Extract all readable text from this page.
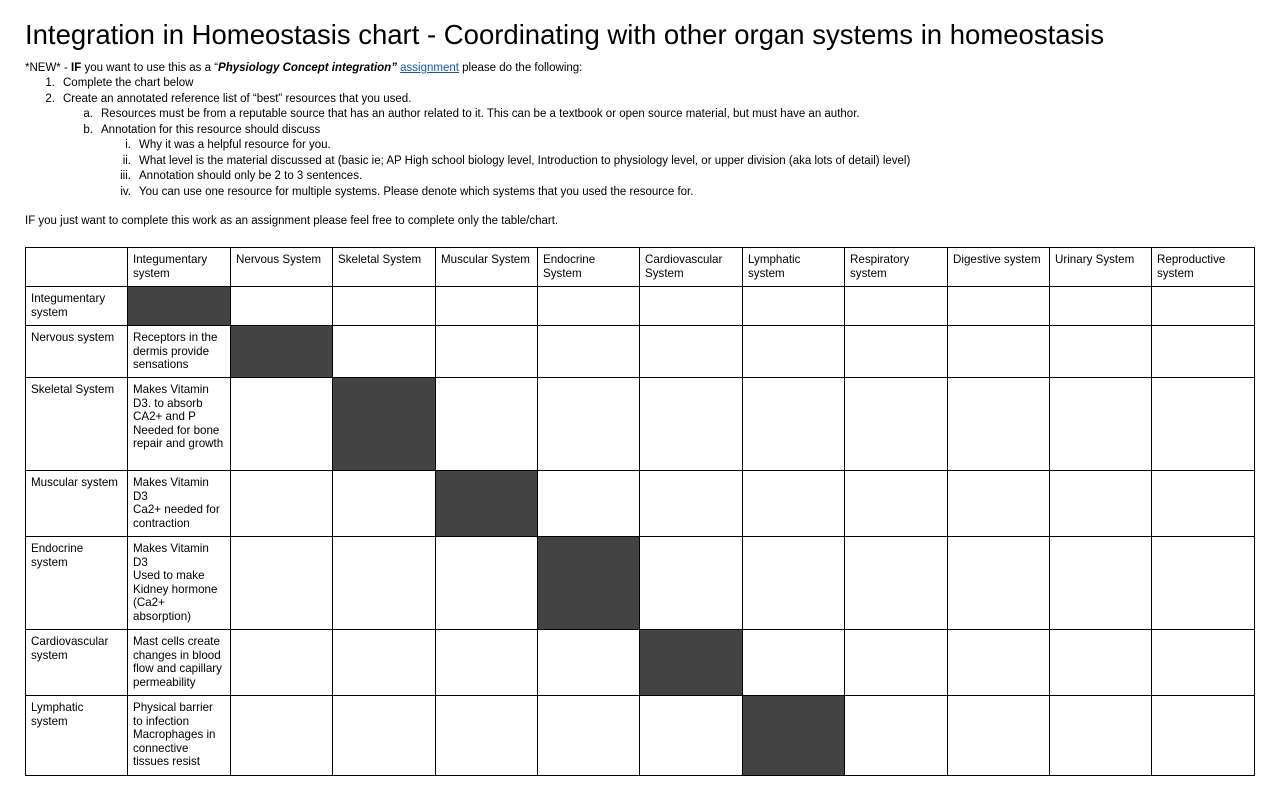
Integration in Homeostasis chart - Coordinating with other organ systems in homeostasis
*NEW* - IF you want to use this as a “Physiology Concept integration” assignment please do the following:
1. Complete the chart below
2. Create an annotated reference list of “best” resources that you used.
a. Resources must be from a reputable source that has an author related to it. This can be a textbook or open source material, but must have an author.
b. Annotation for this resource should discuss
i. Why it was a helpful resource for you.
ii. What level is the material discussed at (basic ie; AP High school biology level, Introduction to physiology level, or upper division (aka lots of detail) level)
iii. Annotation should only be 2 to 3 sentences.
iv. You can use one resource for multiple systems. Please denote which systems that you used the resource for.
IF you just want to complete this work as an assignment please feel free to complete only the table/chart.
	Integumentary system	Nervous System	Skeletal System	Muscular System	Endocrine System	Cardiovascular System	Lymphatic system	Respiratory system	Digestive system	Urinary System	Reproductive system
Integumentary system											
Nervous system	Receptors in the dermis provide sensations										
Skeletal System	Makes Vitamin D3. to absorb CA2+ and P Needed for bone repair and growth										
Muscular system	Makes Vitamin D3
Ca2+ needed for contraction										
Endocrine system	Makes Vitamin D3
Used to make Kidney hormone (Ca2+ absorption)										
Cardiovascular system	Mast cells create changes in blood flow and capillary permeability										
Lymphatic system	Physical barrier to infection
Macrophages in connective tissues resist										
